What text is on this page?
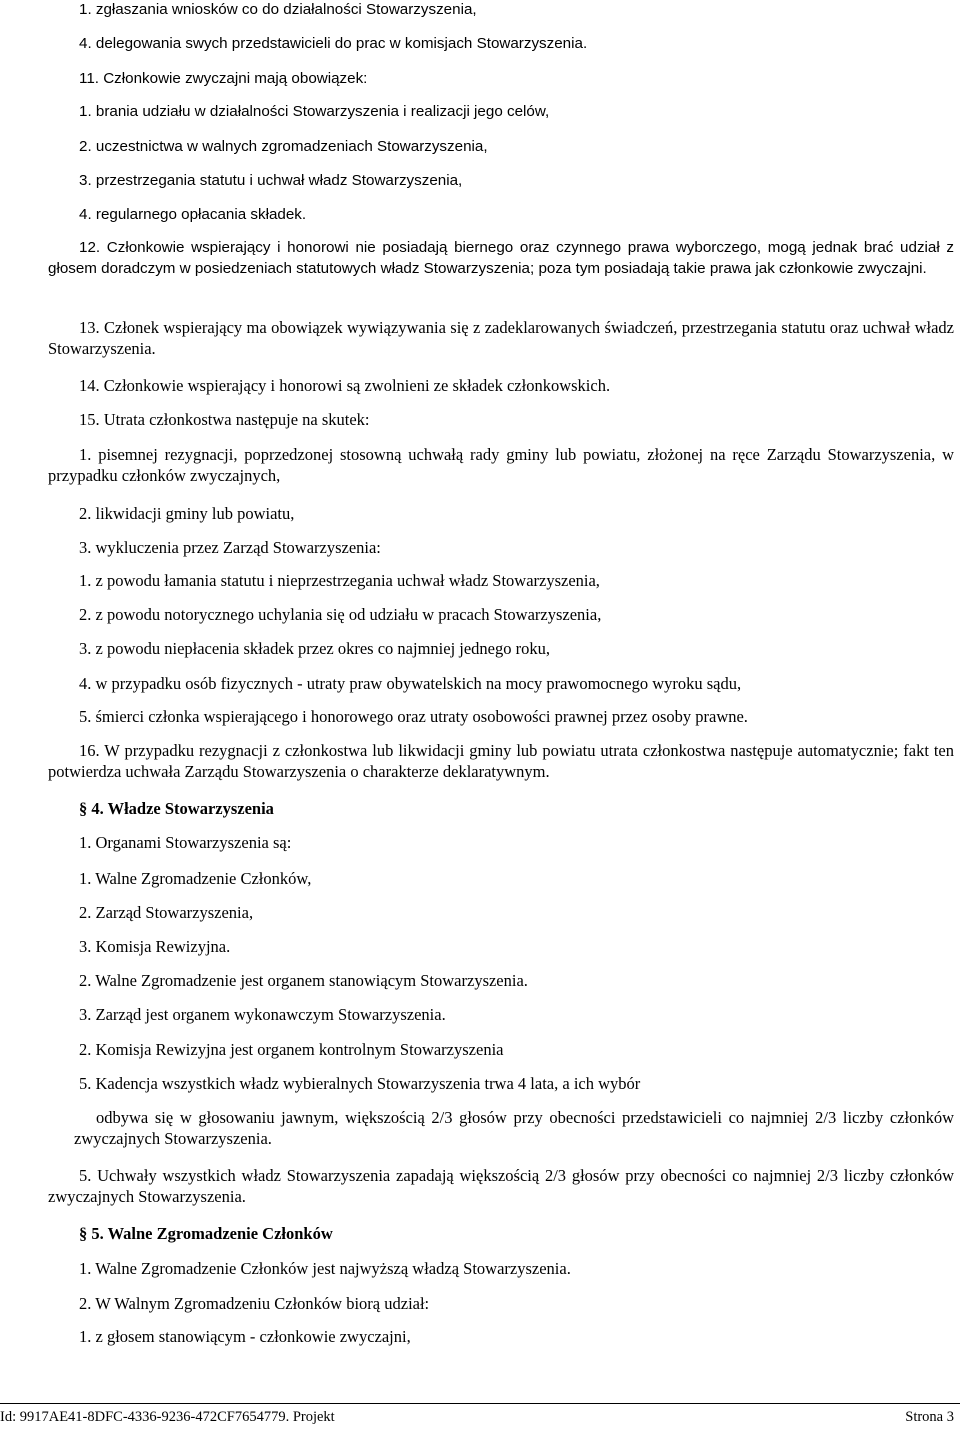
1. zgłaszania wniosków co do działalności Stowarzyszenia,
4. delegowania swych przedstawicieli do prac w komisjach Stowarzyszenia.
11. Członkowie zwyczajni mają obowiązek:
1. brania udziału w działalności Stowarzyszenia i realizacji jego celów,
2. uczestnictwa w walnych zgromadzeniach Stowarzyszenia,
3. przestrzegania statutu i uchwał władz Stowarzyszenia,
4. regularnego opłacania składek.
12. Członkowie wspierający i honorowi nie posiadają biernego oraz czynnego prawa wyborczego, mogą jednak brać udział z głosem doradczym w posiedzeniach statutowych władz Stowarzyszenia; poza tym posiadają takie prawa jak członkowie zwyczajni.
13. Członek wspierający ma obowiązek wywiązywania się z zadeklarowanych świadczeń, przestrzegania statutu oraz uchwał władz Stowarzyszenia.
14. Członkowie wspierający i honorowi są zwolnieni ze składek członkowskich.
15. Utrata członkostwa następuje na skutek:
1. pisemnej rezygnacji, poprzedzonej stosowną uchwałą rady gminy lub powiatu, złożonej na ręce Zarządu Stowarzyszenia, w przypadku członków zwyczajnych,
2. likwidacji gminy lub powiatu,
3. wykluczenia przez Zarząd Stowarzyszenia:
1. z powodu łamania statutu i nieprzestrzegania uchwał władz Stowarzyszenia,
2. z powodu notorycznego uchylania się od udziału w pracach Stowarzyszenia,
3. z powodu niepłacenia składek przez okres co najmniej jednego roku,
4. w przypadku osób fizycznych - utraty praw obywatelskich na mocy prawomocnego wyroku sądu,
5. śmierci członka wspierającego i honorowego oraz utraty osobowości prawnej przez osoby prawne.
16. W przypadku rezygnacji z członkostwa lub likwidacji gminy lub powiatu utrata członkostwa następuje automatycznie; fakt ten potwierdza uchwała Zarządu Stowarzyszenia o charakterze deklaratywnym.
§ 4. Władze Stowarzyszenia
1. Organami Stowarzyszenia są:
1. Walne Zgromadzenie Członków,
2. Zarząd Stowarzyszenia,
3. Komisja Rewizyjna.
2. Walne Zgromadzenie jest organem stanowiącym Stowarzyszenia.
3. Zarząd jest organem wykonawczym Stowarzyszenia.
2. Komisja Rewizyjna jest organem kontrolnym Stowarzyszenia
5. Kadencja wszystkich władz wybieralnych Stowarzyszenia trwa 4 lata, a ich wybór
odbywa się w głosowaniu jawnym, większością 2/3 głosów przy obecności przedstawicieli co najmniej 2/3 liczby członków zwyczajnych Stowarzyszenia.
5. Uchwały wszystkich władz Stowarzyszenia zapadają większością 2/3 głosów przy obecności co najmniej 2/3 liczby członków zwyczajnych Stowarzyszenia.
§ 5. Walne Zgromadzenie Członków
1. Walne Zgromadzenie Członków jest najwyższą władzą Stowarzyszenia.
2. W Walnym Zgromadzeniu Członków biorą udział:
1. z głosem stanowiącym - członkowie zwyczajni,
Id: 9917AE41-8DFC-4336-9236-472CF7654779. Projekt	Strona 3
